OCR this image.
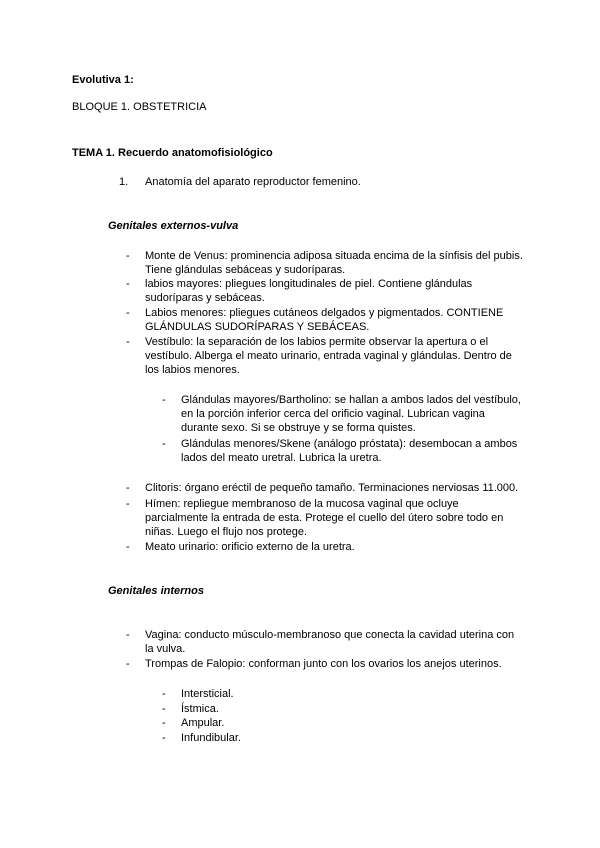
Evolutiva 1:
BLOQUE 1. OBSTETRICIA
TEMA 1. Recuerdo anatomofisiológico
1. Anatomía del aparato reproductor femenino.
Genitales externos-vulva
- Monte de Venus: prominencia adiposa situada encima de la sínfisis del pubis.
Tiene glándulas sebáceas y sudoríparas.
- labios mayores: pliegues longitudinales de piel. Contiene glándulas
sudoríparas y sebáceas.
- Labios menores: pliegues cutáneos delgados y pigmentados. CONTIENE
GLÁNDULAS SUDORÍPARAS Y SEBÁCEAS.
- Vestíbulo: la separación de los labios permite observar la apertura o el
vestíbulo. Alberga el meato urinario, entrada vaginal y glándulas. Dentro de
los labios menores.
- Glándulas mayores/Bartholino: se hallan a ambos lados del vestíbulo,
en la porción inferior cerca del orificio vaginal. Lubrican vagina
durante sexo. Si se obstruye y se forma quistes.
- Glándulas menores/Skene (análogo próstata): desembocan a ambos
lados del meato uretral. Lubrica la uretra.
- Clitoris: órgano eréctil de pequeño tamaño. Terminaciones nerviosas 11.000.
- Hímen: repliegue membranoso de la mucosa vaginal que ocluye
parcialmente la entrada de esta. Protege el cuello del útero sobre todo en
niñas. Luego el flujo nos protege.
- Meato urinario: orificio externo de la uretra.
Genitales internos
- Vagina: conducto músculo-membranoso que conecta la cavidad uterina con
la vulva.
- Trompas de Falopio: conforman junto con los ovarios los anejos uterinos.
- Intersticial.
- Ístmica.
- Ampular.
- Infundibular.
